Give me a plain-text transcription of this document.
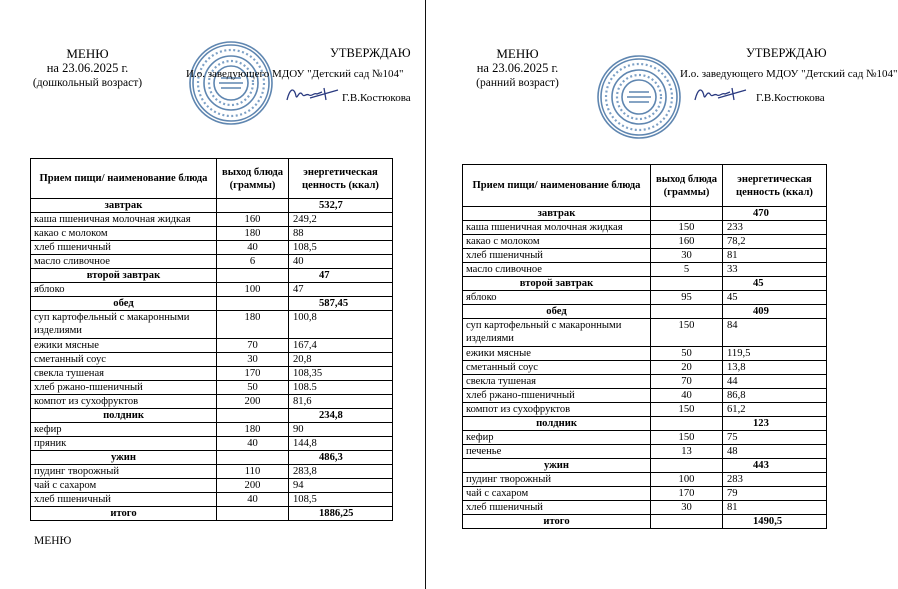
МЕНЮ
на 23.06.2025 г.
(дошкольный возраст)
УТВЕРЖДАЮ
И.о. заведующего МДОУ "Детский сад №104"
Г.В.Костюкова
Прием пищи/ наименование блюда	выход блюда (граммы)	энергетическая ценность (ккал)
завтрак		532,7
каша пшеничная молочная жидкая	160	249,2
какао с молоком	180	88
хлеб пшеничный	40	108,5
масло сливочное	6	40
второй завтрак		47
яблоко	100	47
обед		587,45
суп картофельный с макаронными изделиями	180	100,8
ежики мясные	70	167,4
сметанный соус	30	20,8
свекла тушеная	170	108,35
хлеб ржано-пшеничный	50	108.5
компот из сухофруктов	200	81,6
полдник		234,8
кефир	180	90
пряник	40	144,8
ужин		486,3
пудинг творожный	110	283,8
чай с сахаром	200	94
хлеб пшеничный	40	108,5
итого		1886,25
МЕНЮ
МЕНЮ
на 23.06.2025 г.
(ранний возраст)
УТВЕРЖДАЮ
И.о. заведующего МДОУ "Детский сад №104"
Г.В.Костюкова
Прием пищи/ наименование блюда	выход блюда (граммы)	энергетическая ценность (ккал)
завтрак		470
каша пшеничная молочная жидкая	150	233
какао с молоком	160	78,2
хлеб пшеничный	30	81
масло сливочное	5	33
второй завтрак		45
яблоко	95	45
обед		409
суп картофельный с макаронными изделиями	150	84
ежики мясные	50	119,5
сметанный соус	20	13,8
свекла тушеная	70	44
хлеб ржано-пшеничный	40	86,8
компот из сухофруктов	150	61,2
полдник		123
кефир	150	75
печенье	13	48
ужин		443
пудинг творожный	100	283
чай с сахаром	170	79
хлеб пшеничный	30	81
итого		1490,5
